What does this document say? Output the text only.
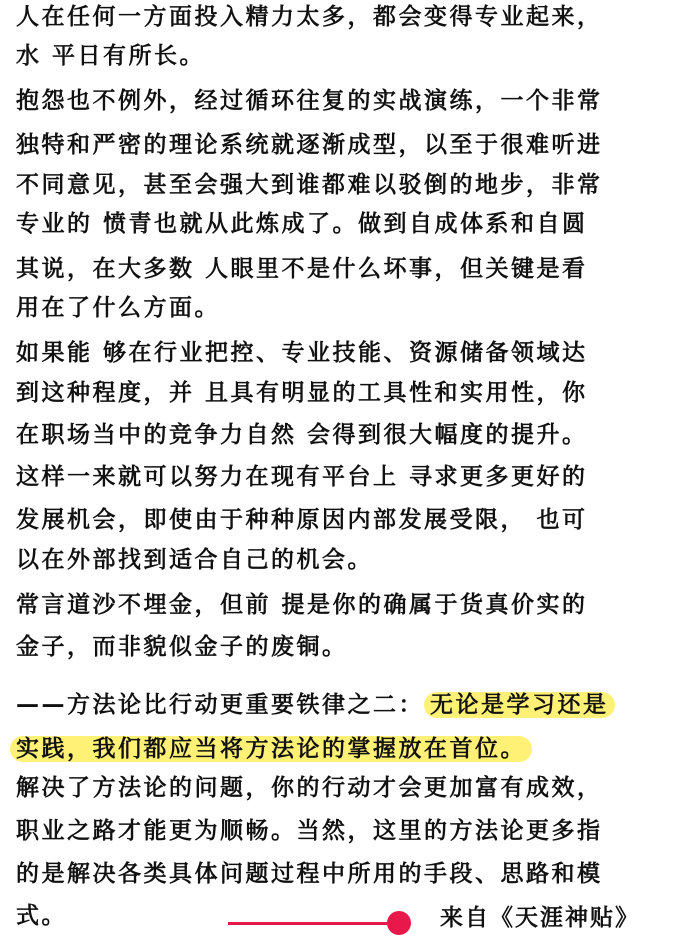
人在任何一方面投入精力太多，都会变得专业起来，
水 平日有所长。
抱怨也不例外，经过循环往复的实战演练，一个非常
独特和严密的理论系统就逐渐成型，以至于很难听进
不同意见，甚至会强大到谁都难以驳倒的地步，非常
专业的 愤青也就从此炼成了。做到自成体系和自圆
其说，在大多数 人眼里不是什么坏事，但关键是看
用在了什么方面。
如果能 够在行业把控、专业技能、资源储备领域达
到这种程度，并 且具有明显的工具性和实用性，你
在职场当中的竞争力自然 会得到很大幅度的提升。
这样一来就可以努力在现有平台上 寻求更多更好的
发展机会，即使由于种种原因内部发展受限， 也可
以在外部找到适合自己的机会。
常言道沙不埋金，但前 提是你的确属于货真价实的
金子，而非貌似金子的废铜。
——方法论比行动更重要铁律之二： 无论是学习还是
实践，我们都应当将方法论的掌握放在首位。
解决了方法论的问题，你的行动才会更加富有成效，
职业之路才能更为顺畅。当然，这里的方法论更多指
的是解决各类具体问题过程中所用的手段、思路和模
式。	来自《天涯神贴》
